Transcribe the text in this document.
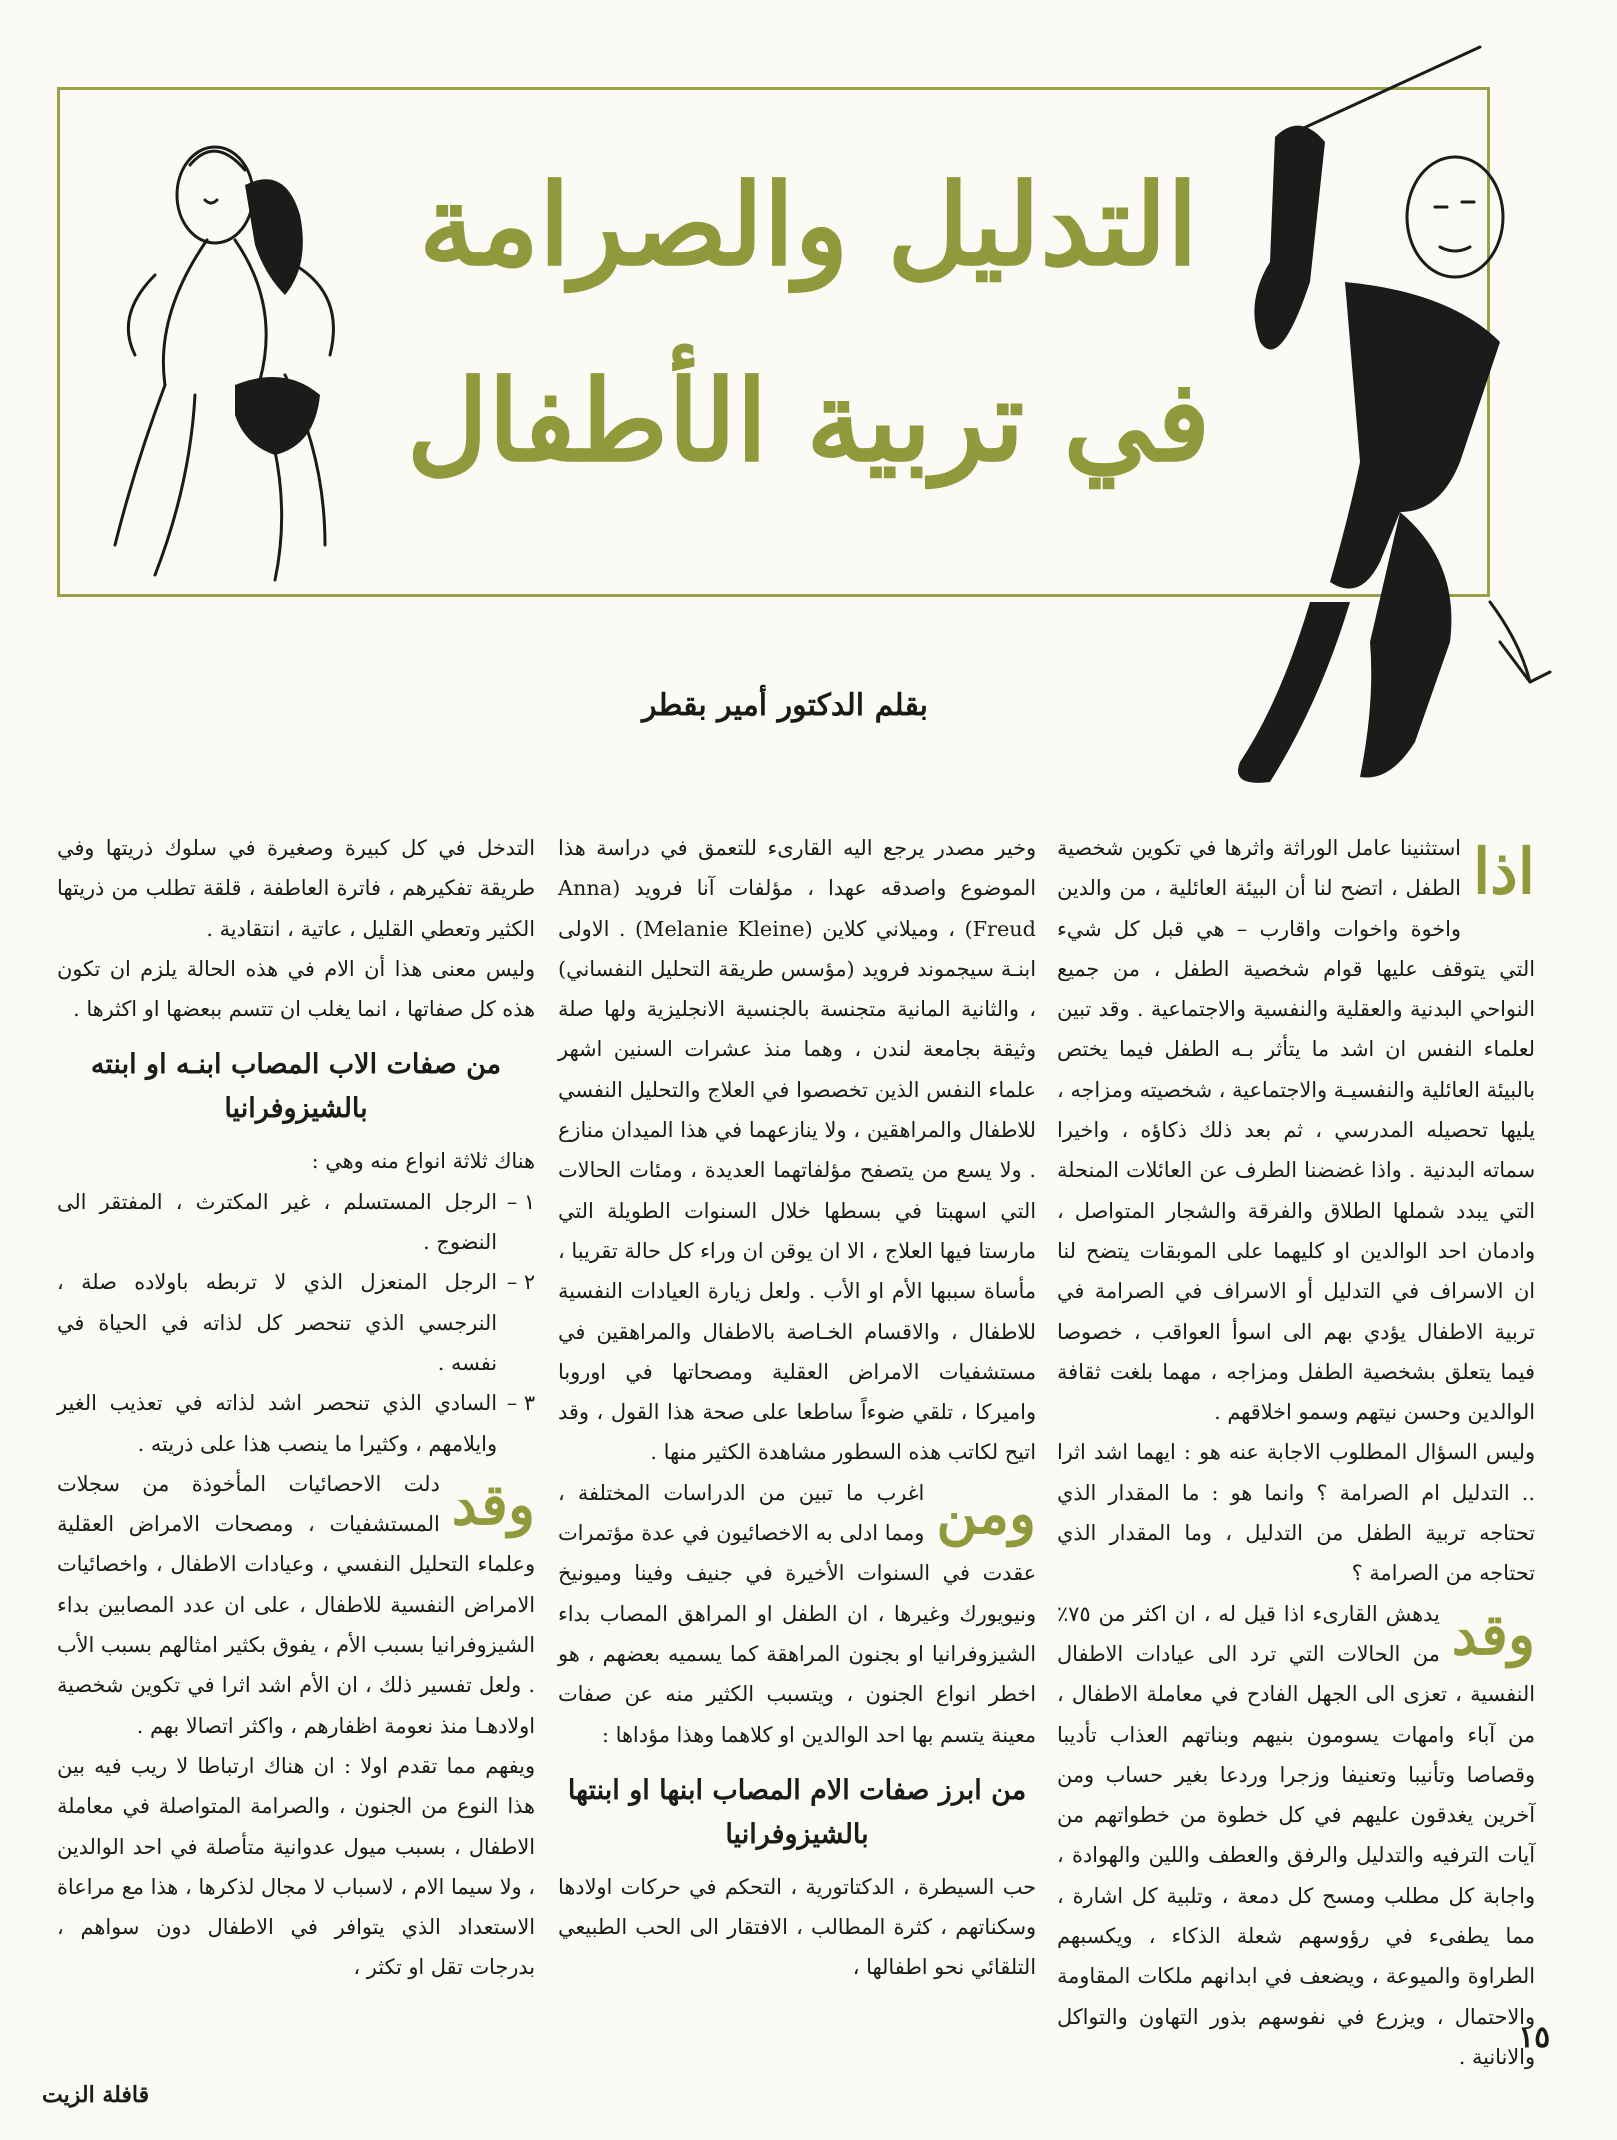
التدليل والصرامة
في تربية الأطفال
بقلم الدكتور أمير بقطر

اذا
استثنينا عامل الوراثة واثرها في تكوين شخصية الطفل ، اتضح لنا أن البيئة العائلية ، من والدين واخوة واخوات واقارب – هي قبل كل شيء التي يتوقف عليها قوام شخصية الطفل ، من جميع النواحي البدنية والعقلية والنفسية والاجتماعية . وقد تبين لعلماء النفس ان اشد ما يتأثر بـه الطفل فيما يختص بالبيئة العائلية والنفسيـة والاجتماعية ، شخصيته ومزاجه ، يليها تحصيله المدرسي ، ثم بعد ذلك ذكاؤه ، واخيرا سماته البدنية . واذا غضضنا الطرف عن العائلات المنحلة التي يبدد شملها الطلاق والفرقة والشجار المتواصل ، وادمان احد الوالدين او كليهما على الموبقات يتضح لنا ان الاسراف في التدليل أو الاسراف في الصرامة في تربية الاطفال يؤدي بهم الى اسوأ العواقب ، خصوصا فيما يتعلق بشخصية الطفل ومزاجه ، مهما بلغت ثقافة الوالدين وحسن نيتهم وسمو اخلاقهم .

وليس السؤال المطلوب الاجابة عنه هو : ايهما اشد اثرا .. التدليل ام الصرامة ؟ وانما هو : ما المقدار الذي تحتاجه تربية الطفل من التدليل ، وما المقدار الذي تحتاجه من الصرامة ؟

وقد
يدهش القارىء اذا قيل له ، ان اكثر من ٧٥٪ من الحالات التي ترد الى عيادات الاطفال النفسية ، تعزى الى الجهل الفادح في معاملة الاطفال ، من آباء وامهات يسومون بنيهم وبناتهم العذاب تأديبا وقصاصا وتأنيبا وتعنيفا وزجرا وردعا بغير حساب ومن آخرين يغدقون عليهم في كل خطوة من خطواتهم من آيات الترفيه والتدليل والرفق والعطف واللين والهوادة ، واجابة كل مطلب ومسح كل دمعة ، وتلبية كل اشارة ، مما يطفىء في رؤوسهم شعلة الذكاء ، ويكسبهم الطراوة والميوعة ، ويضعف في ابدانهم ملكات المقاومة والاحتمال ، ويزرع في نفوسهم بذور التهاون والتواكل والانانية .

وخير مصدر يرجع اليه القارىء للتعمق في دراسة هذا الموضوع واصدقه عهدا ، مؤلفات آنا فرويد (Anna Freud) ، وميلاني كلاين (Melanie Kleine) . الاولى ابنـة سيجموند فرويد (مؤسس طريقة التحليل النفساني) ، والثانية المانية متجنسة بالجنسية الانجليزية ولها صلة وثيقة بجامعة لندن ، وهما منذ عشرات السنين اشهر علماء النفس الذين تخصصوا في العلاج والتحليل النفسي للاطفال والمراهقين ، ولا ينازعهما في هذا الميدان منازع . ولا يسع من يتصفح مؤلفاتهما العديدة ، ومئات الحالات التي اسهبتا في بسطها خلال السنوات الطويلة التي مارستا فيها العلاج ، الا ان يوقن ان وراء كل حالة تقريبا ، مأساة سببها الأم او الأب . ولعل زيارة العيادات النفسية للاطفال ، والاقسام الخـاصة بالاطفال والمراهقين في مستشفيات الامراض العقلية ومصحاتها في اوروبا واميركا ، تلقي ضوءاً ساطعا على صحة هذا القول ، وقد اتيح لكاتب هذه السطور مشاهدة الكثير منها .

ومن
اغرب ما تبين من الدراسات المختلفة ، ومما ادلى به الاخصائيون في عدة مؤتمرات عقدت في السنوات الأخيرة في جنيف وفينا وميونيخ ونيويورك وغيرها ، ان الطفل او المراهق المصاب بداء الشيزوفرانيا او بجنون المراهقة كما يسميه بعضهم ، هو اخطر انواع الجنون ، ويتسبب الكثير منه عن صفات معينة يتسم بها احد الوالدين او كلاهما وهذا مؤداها :

من ابرز صفات الام المصاب ابنها او ابنتها بالشيزوفرانيا

حب السيطرة ، الدكتاتورية ، التحكم في حركات اولادها وسكناتهم ، كثرة المطالب ، الافتقار الى الحب الطبيعي التلقائي نحو اطفالها ،

التدخل في كل كبيرة وصغيرة في سلوك ذريتها وفي طريقة تفكيرهم ، فاترة العاطفة ، قلقة تطلب من ذريتها الكثير وتعطي القليل ، عاتية ، انتقادية .

وليس معنى هذا أن الام في هذه الحالة يلزم ان تكون هذه كل صفاتها ، انما يغلب ان تتسم ببعضها او اكثرها .

من صفات الاب المصاب ابنـه او ابنته بالشيزوفرانيا

هناك ثلاثة انواع منه وهي :

١ –
الرجل المستسلم ، غير المكترث ، المفتقر الى النضوج .
٢ –
الرجل المنعزل الذي لا تربطه باولاده صلة ، النرجسي الذي تنحصر كل لذاته في الحياة في نفسه .
٣ –
السادي الذي تنحصر اشد لذاته في تعذيب الغير وايلامهم ، وكثيرا ما ينصب هذا على ذريته .

وقد
دلت الاحصائيات المأخوذة من سجلات المستشفيات ، ومصحات الامراض العقلية وعلماء التحليل النفسي ، وعيادات الاطفال ، واخصائيات الامراض النفسية للاطفال ، على ان عدد المصابين بداء الشيزوفرانيا بسبب الأم ، يفوق بكثير امثالهم بسبب الأب . ولعل تفسير ذلك ، ان الأم اشد اثرا في تكوين شخصية اولادهـا منذ نعومة اظفارهم ، واكثر اتصالا بهم .

ويفهم مما تقدم اولا : ان هناك ارتباطا لا ريب فيه بين هذا النوع من الجنون ، والصرامة المتواصلة في معاملة الاطفال ، بسبب ميول عدوانية متأصلة في احد الوالدين ، ولا سيما الام ، لاسباب لا مجال لذكرها ، هذا مع مراعاة الاستعداد الذي يتوافر في الاطفال دون سواهم ، بدرجات تقل او تكثر ،

١٥
قافلة الزيت
